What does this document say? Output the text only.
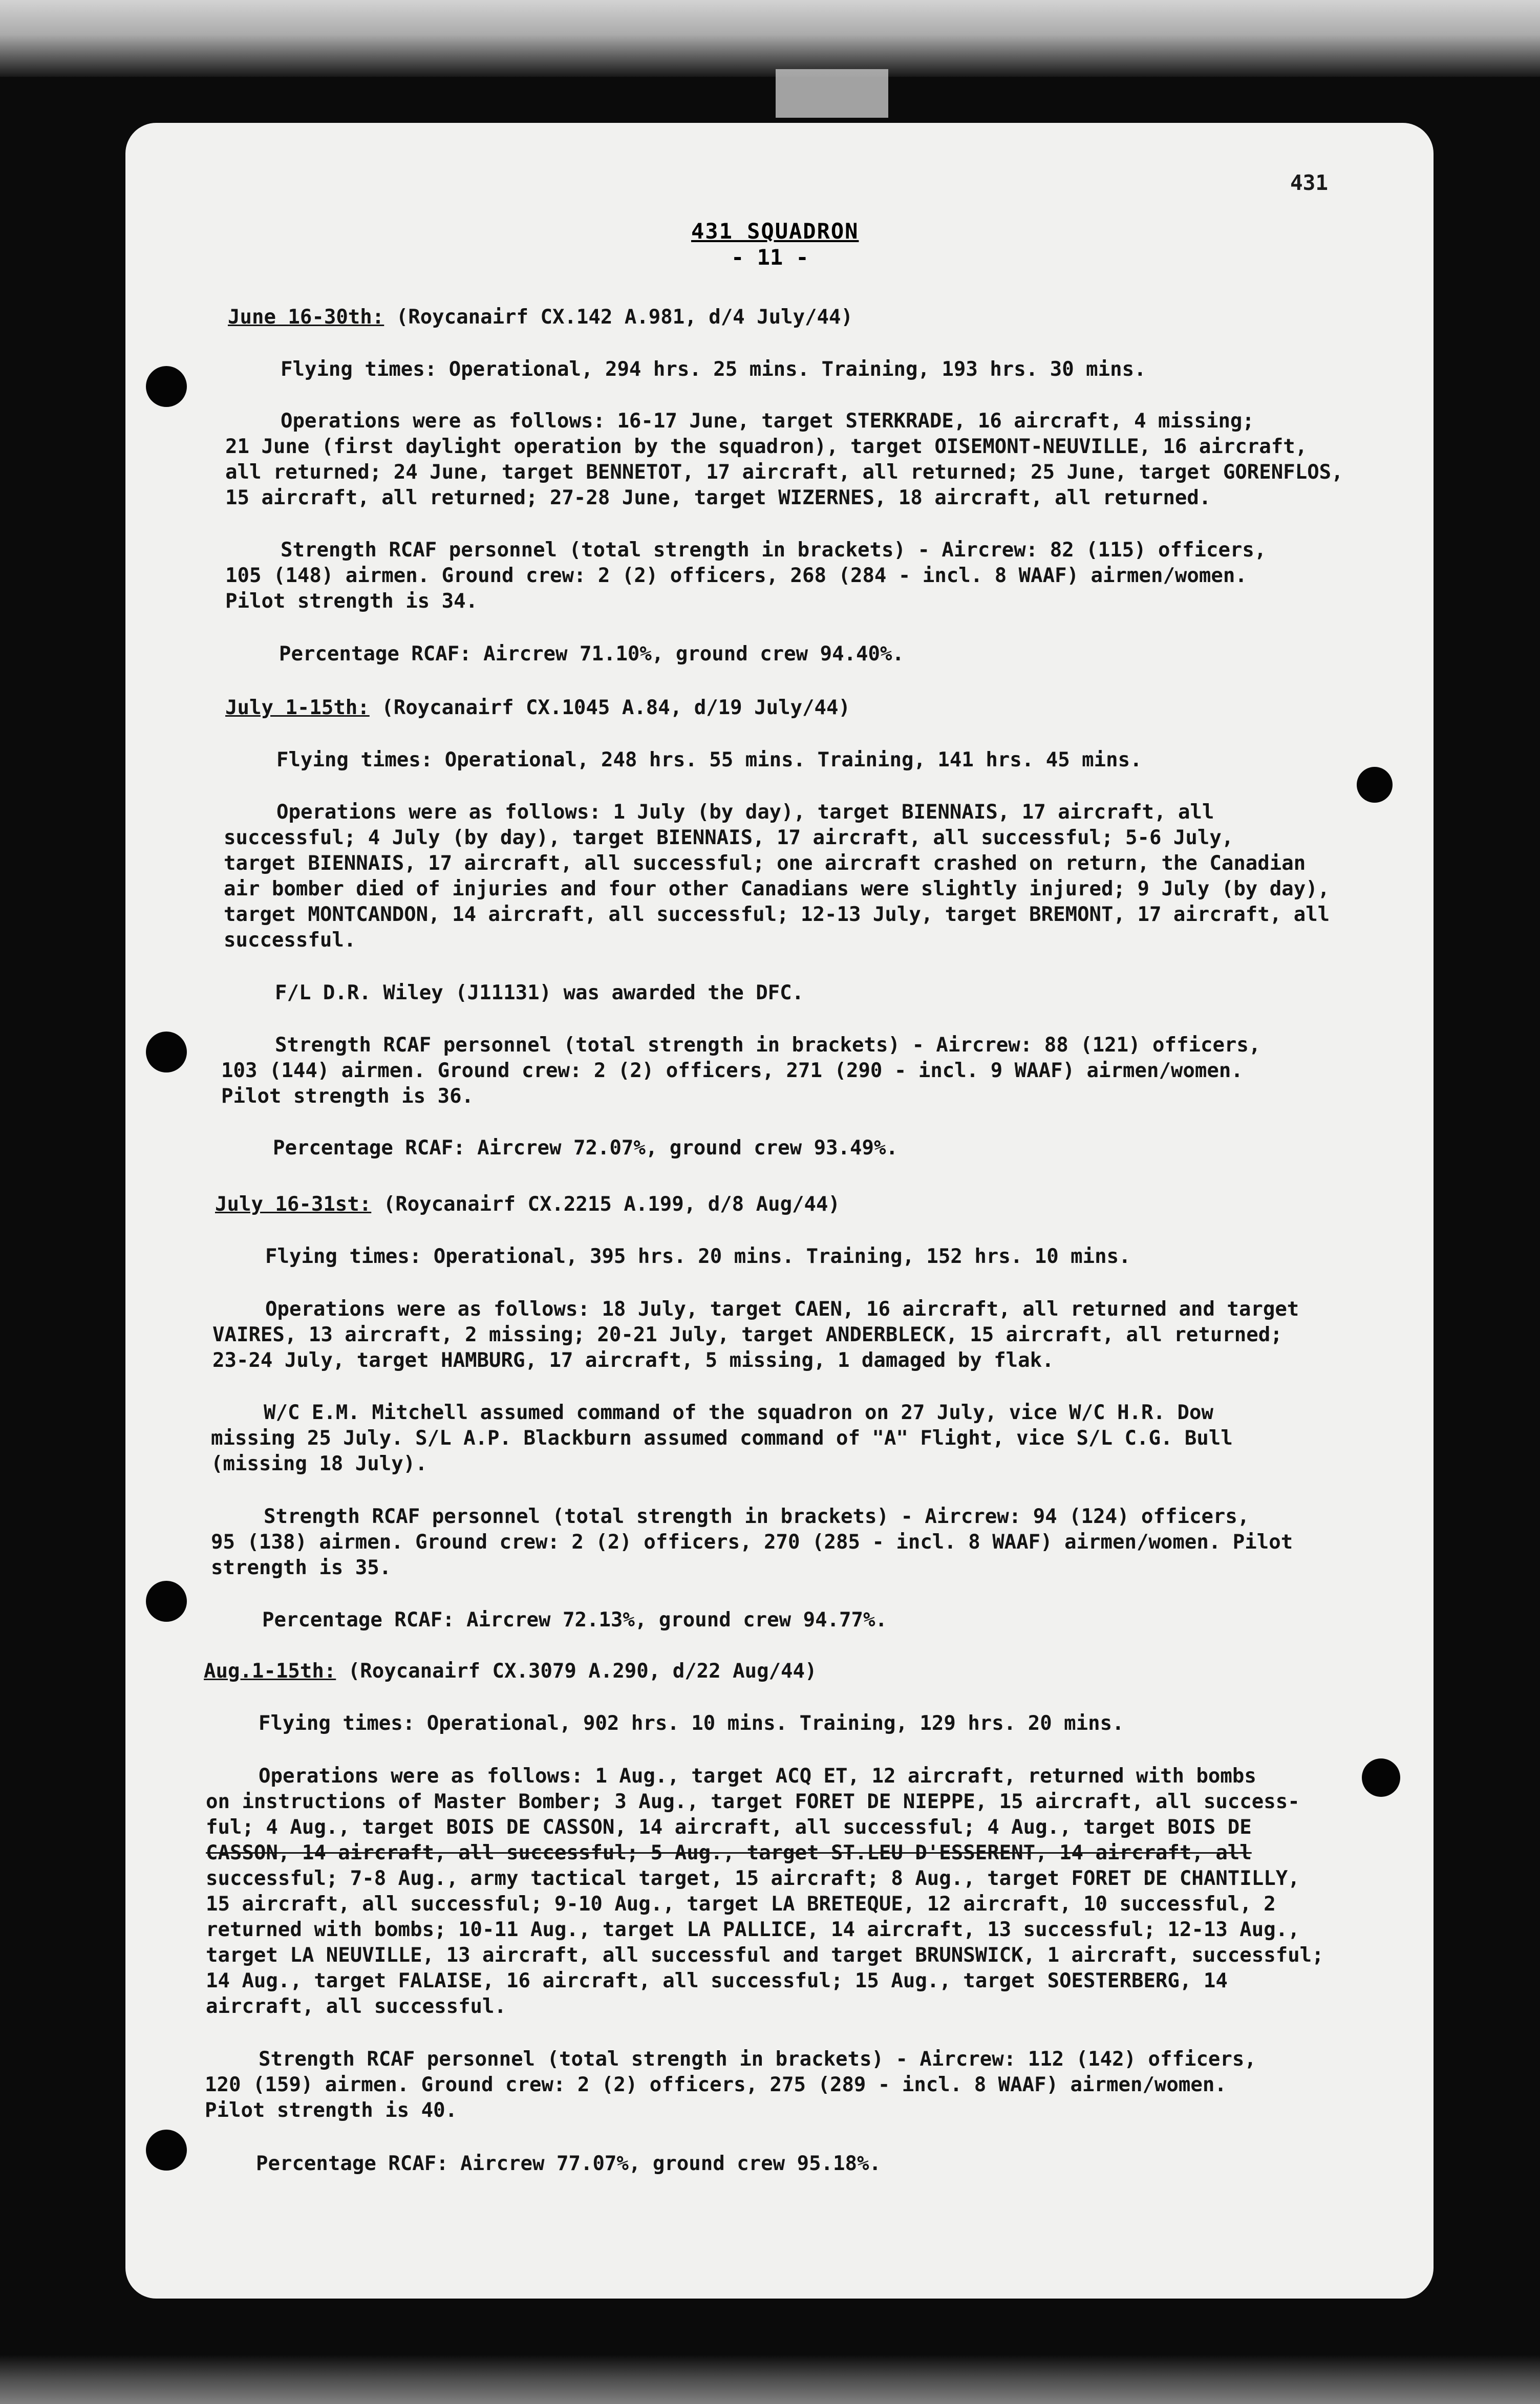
431
431 SQUADRON
- 11 -
June 16-30th: (Roycanairf CX.142 A.981, d/4 July/44)
Flying times: Operational, 294 hrs. 25 mins. Training, 193 hrs. 30 mins.
Operations were as follows: 16-17 June, target STERKRADE, 16 aircraft, 4 missing;
21 June (first daylight operation by the squadron), target OISEMONT-NEUVILLE, 16 aircraft,
all returned; 24 June, target BENNETOT, 17 aircraft, all returned; 25 June, target GORENFLOS,
15 aircraft, all returned; 27-28 June, target WIZERNES, 18 aircraft, all returned.
Strength RCAF personnel (total strength in brackets) - Aircrew: 82 (115) officers,
105 (148) airmen. Ground crew: 2 (2) officers, 268 (284 - incl. 8 WAAF) airmen/women.
Pilot strength is 34.
Percentage RCAF: Aircrew 71.10%, ground crew 94.40%.
July 1-15th: (Roycanairf CX.1045 A.84, d/19 July/44)
Flying times: Operational, 248 hrs. 55 mins. Training, 141 hrs. 45 mins.
Operations were as follows: 1 July (by day), target BIENNAIS, 17 aircraft, all
successful; 4 July (by day), target BIENNAIS, 17 aircraft, all successful; 5-6 July,
target BIENNAIS, 17 aircraft, all successful; one aircraft crashed on return, the Canadian
air bomber died of injuries and four other Canadians were slightly injured; 9 July (by day),
target MONTCANDON, 14 aircraft, all successful; 12-13 July, target BREMONT, 17 aircraft, all
successful.
F/L D.R. Wiley (J11131) was awarded the DFC.
Strength RCAF personnel (total strength in brackets) - Aircrew: 88 (121) officers,
103 (144) airmen. Ground crew: 2 (2) officers, 271 (290 - incl. 9 WAAF) airmen/women.
Pilot strength is 36.
Percentage RCAF: Aircrew 72.07%, ground crew 93.49%.
July 16-31st: (Roycanairf CX.2215 A.199, d/8 Aug/44)
Flying times: Operational, 395 hrs. 20 mins. Training, 152 hrs. 10 mins.
Operations were as follows: 18 July, target CAEN, 16 aircraft, all returned and target
VAIRES, 13 aircraft, 2 missing; 20-21 July, target ANDERBLECK, 15 aircraft, all returned;
23-24 July, target HAMBURG, 17 aircraft, 5 missing, 1 damaged by flak.
W/C E.M. Mitchell assumed command of the squadron on 27 July, vice W/C H.R. Dow
missing 25 July. S/L A.P. Blackburn assumed command of "A" Flight, vice S/L C.G. Bull
(missing 18 July).
Strength RCAF personnel (total strength in brackets) - Aircrew: 94 (124) officers,
95 (138) airmen. Ground crew: 2 (2) officers, 270 (285 - incl. 8 WAAF) airmen/women. Pilot
strength is 35.
Percentage RCAF: Aircrew 72.13%, ground crew 94.77%.
Aug.1-15th: (Roycanairf CX.3079 A.290, d/22 Aug/44)
Flying times: Operational, 902 hrs. 10 mins. Training, 129 hrs. 20 mins.
Operations were as follows: 1 Aug., target ACQ ET, 12 aircraft, returned with bombs
on instructions of Master Bomber; 3 Aug., target FORET DE NIEPPE, 15 aircraft, all success-
ful; 4 Aug., target BOIS DE CASSON, 14 aircraft, all successful; 4 Aug., target BOIS DE
CASSON, 14 aircraft, all successful; 5 Aug., target ST.LEU D'ESSERENT, 14 aircraft, all
successful; 7-8 Aug., army tactical target, 15 aircraft; 8 Aug., target FORET DE CHANTILLY,
15 aircraft, all successful; 9-10 Aug., target LA BRETEQUE, 12 aircraft, 10 successful, 2
returned with bombs; 10-11 Aug., target LA PALLICE, 14 aircraft, 13 successful; 12-13 Aug.,
target LA NEUVILLE, 13 aircraft, all successful and target BRUNSWICK, 1 aircraft, successful;
14 Aug., target FALAISE, 16 aircraft, all successful; 15 Aug., target SOESTERBERG, 14
aircraft, all successful.
Strength RCAF personnel (total strength in brackets) - Aircrew: 112 (142) officers,
120 (159) airmen. Ground crew: 2 (2) officers, 275 (289 - incl. 8 WAAF) airmen/women.
Pilot strength is 40.
Percentage RCAF: Aircrew 77.07%, ground crew 95.18%.
